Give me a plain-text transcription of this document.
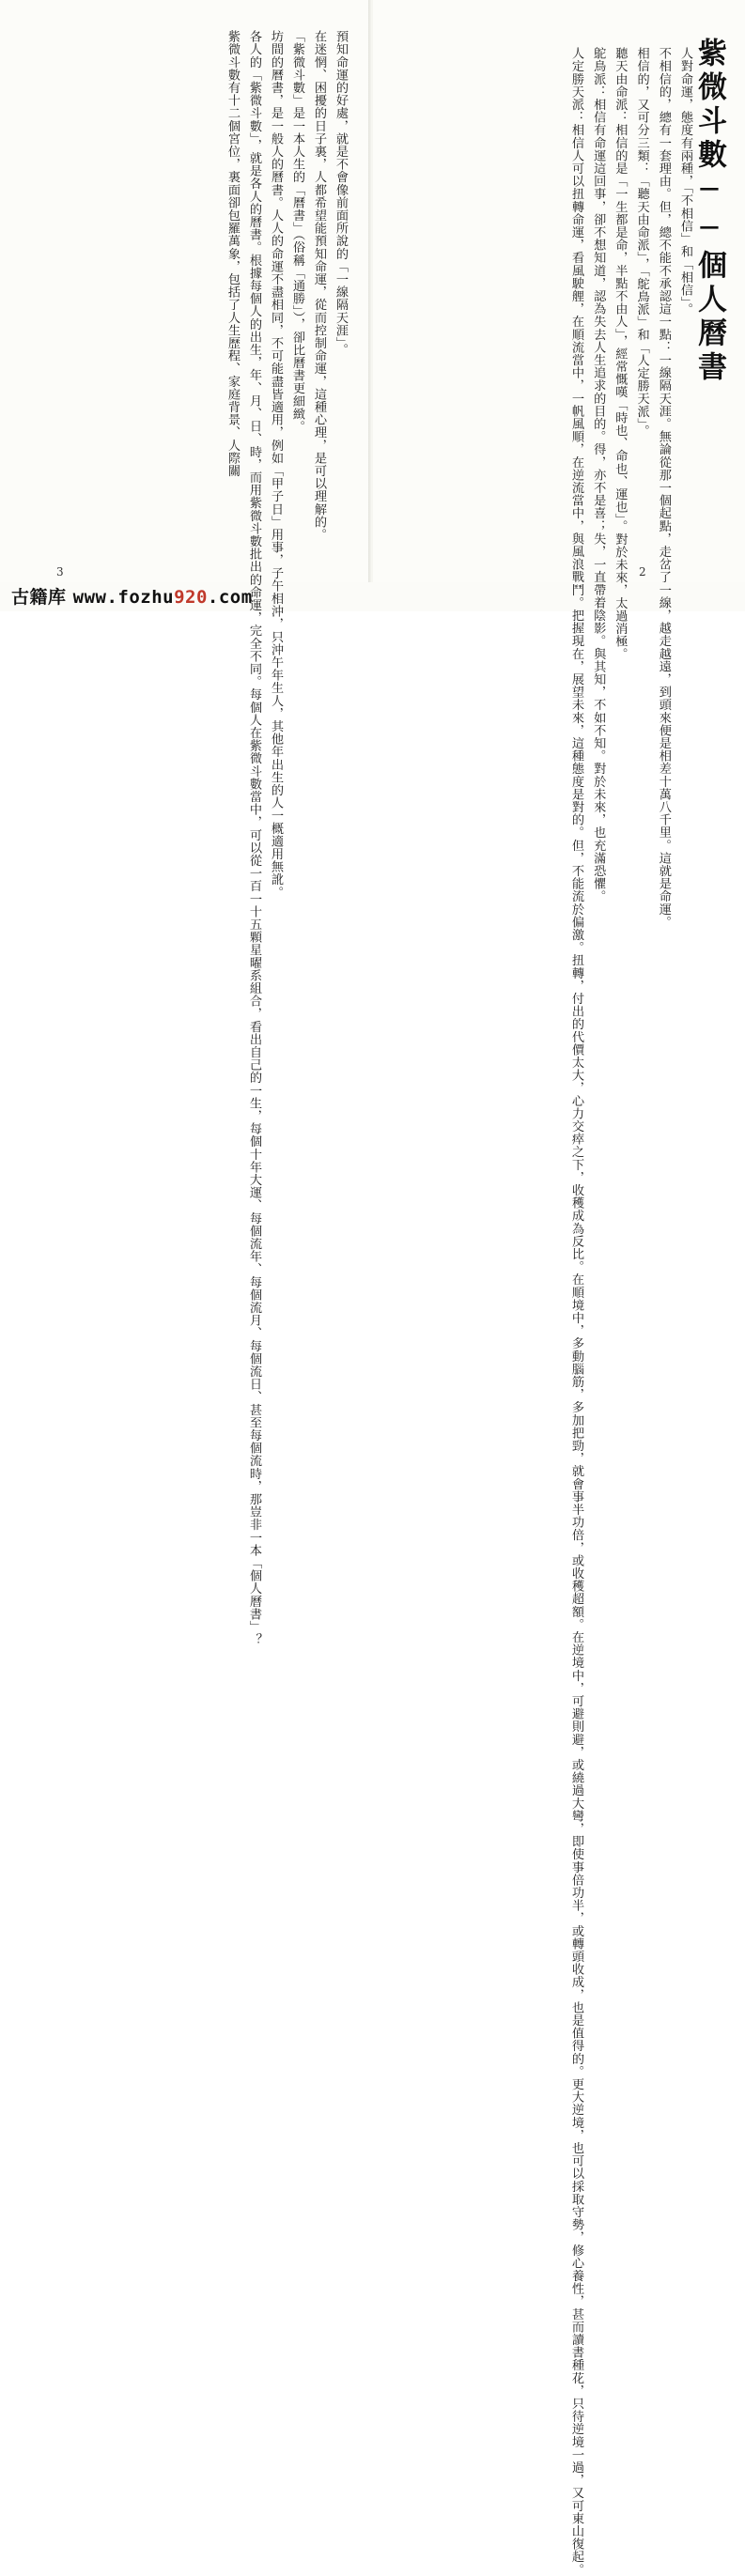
預知命運的好處，就是不會像前面所說的「一線隔天涯」。

在迷惘、困擾的日子裏，人都希望能預知命運，從而控制命運，這種心理，是可以理解的。

「紫微斗數」是一本人生的「曆書」（俗稱「通勝」），卻比曆書更細緻。

坊間的曆書，是一般人的曆書。人人的命運不盡相同，不可能盡皆適用，例如「甲子日」用事，子午相沖，只沖午年生人，其他年出生的人一概適用無訛。

各人的「紫微斗數」，就是各人的曆書。根據每個人的出生，年、月、日、時，而用紫微斗數批出的命運，完全不同。每個人在紫微斗數當中，可以從一百一十五顆星曜系組合，看出自己的一生，每個十年大運、每個流年、每個流月、每個流日、甚至每個流時，那豈非一本「個人曆書」？

紫微斗數有十二個宮位，裏面卻包羅萬象，包括了人生歷程、家庭背景、人際關

3
紫微斗數──個人曆書

人對命運，態度有兩種，「不相信」和「相信」。

不相信的，總有一套理由。但，總不能不承認這一點：一線隔天涯。無論從那一個起點，走岔了一線，越走越遠，到頭來便是相差十萬八千里。這就是命運。

相信的，又可分三類：「聽天由命派」，「鴕鳥派」和「人定勝天派」。

聽天由命派：相信的是「一生都是命，半點不由人」，經常慨嘆「時也、命也、運也」。對於未來，太過消極。

鴕鳥派：相信有命運這回事，卻不想知道，認為失去人生追求的目的。得，亦不是喜；失，一直帶着陰影。與其知，不如不知。對於未來，也充滿恐懼。

人定勝天派：相信人可以扭轉命運，看風駛艃，在順流當中，一帆風順，在逆流當中，與風浪戰鬥。把握現在，展望未來，這種態度是對的。但，不能流於偏激。扭轉，付出的代價太大，心力交瘁之下，收穫成為反比。在順境中，多動腦筋，多加把勁，就會事半功倍，或收穫超額。在逆境中，可避則避，或繞過大彎，即使事倍功半，或轉頭收成，也是值得的。更大逆境，也可以採取守勢，修心養性，甚而讀書種花，只待逆境一過，又可東山復起。	2
古籍库 www.fozhu920.com
